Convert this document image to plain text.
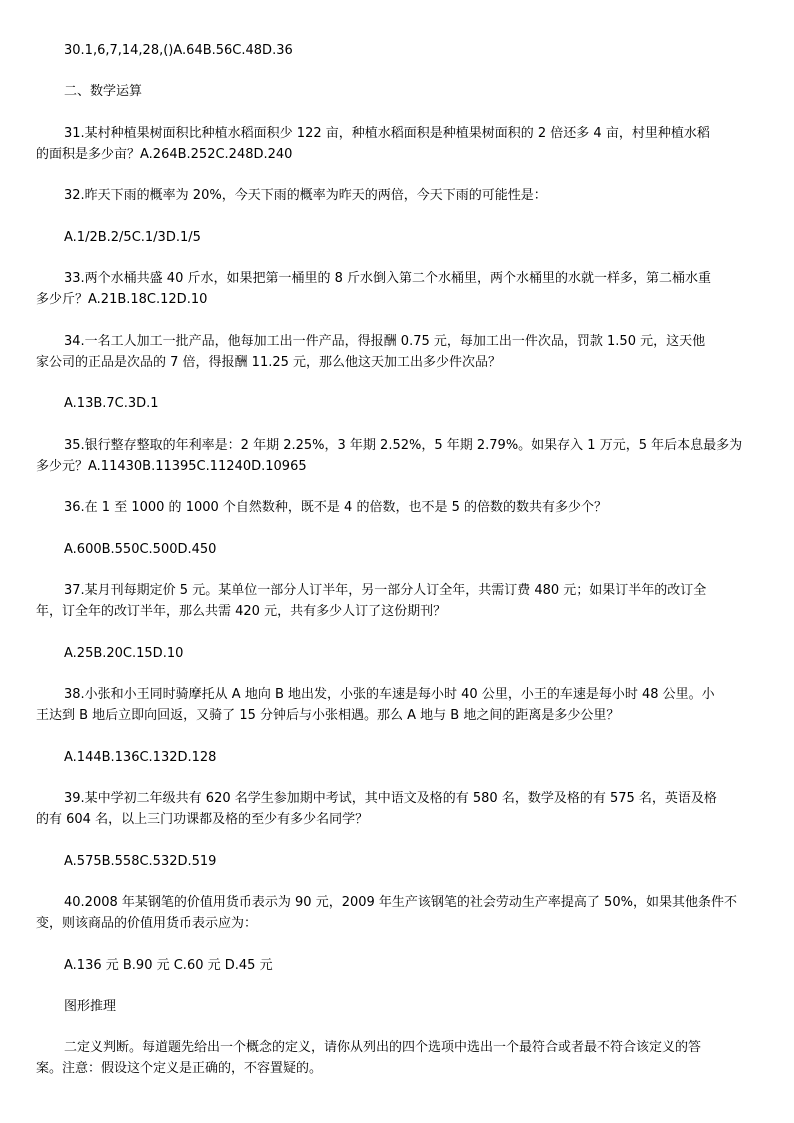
30.1,6,7,14,28,()A.64B.56C.48D.36

二、数学运算

31.某村种植果树面积比种植水稻面积少 122 亩，种植水稻面积是种植果树面积的 2 倍还多 4 亩，村里种植水稻
的面积是多少亩？A.264B.252C.248D.240

32.昨天下雨的概率为 20%，今天下雨的概率为昨天的两倍，今天下雨的可能性是：

A.1/2B.2/5C.1/3D.1/5

33.两个水桶共盛 40 斤水，如果把第一桶里的 8 斤水倒入第二个水桶里，两个水桶里的水就一样多，第二桶水重
多少斤？A.21B.18C.12D.10
34.一名工人加工一批产品，他每加工出一件产品，得报酬 0.75 元，每加工出一件次品，罚款 1.50 元，这天他
家公司的正品是次品的 7 倍，得报酬 11.25 元，那么他这天加工出多少件次品？

A.13B.7C.3D.1

35.银行整存整取的年利率是：2 年期 2.25%，3 年期 2.52%，5 年期 2.79%。如果存入 1 万元，5 年后本息最多为
多少元？A.11430B.11395C.11240D.10965

36.在 1 至 1000 的 1000 个自然数种，既不是 4 的倍数，也不是 5 的倍数的数共有多少个？

A.600B.550C.500D.450

37.某月刊每期定价 5 元。某单位一部分人订半年，另一部分人订全年，共需订费 480 元；如果订半年的改订全
年，订全年的改订半年，那么共需 420 元，共有多少人订了这份期刊？

A.25B.20C.15D.10

38.小张和小王同时骑摩托从 A 地向 B 地出发，小张的车速是每小时 40 公里，小王的车速是每小时 48 公里。小
王达到 B 地后立即向回返，又骑了 15 分钟后与小张相遇。那么 A 地与 B 地之间的距离是多少公里？

A.144B.136C.132D.128

39.某中学初二年级共有 620 名学生参加期中考试，其中语文及格的有 580 名，数学及格的有 575 名，英语及格
的有 604 名，以上三门功课都及格的至少有多少名同学？

A.575B.558C.532D.519

40.2008 年某钢笔的价值用货币表示为 90 元，2009 年生产该钢笔的社会劳动生产率提高了 50%，如果其他条件不
变，则该商品的价值用货币表示应为：

A.136 元 B.90 元 C.60 元 D.45 元

图形推理

二定义判断。每道题先给出一个概念的定义，请你从列出的四个选项中选出一个最符合或者最不符合该定义的答
案。注意：假设这个定义是正确的，不容置疑的。
